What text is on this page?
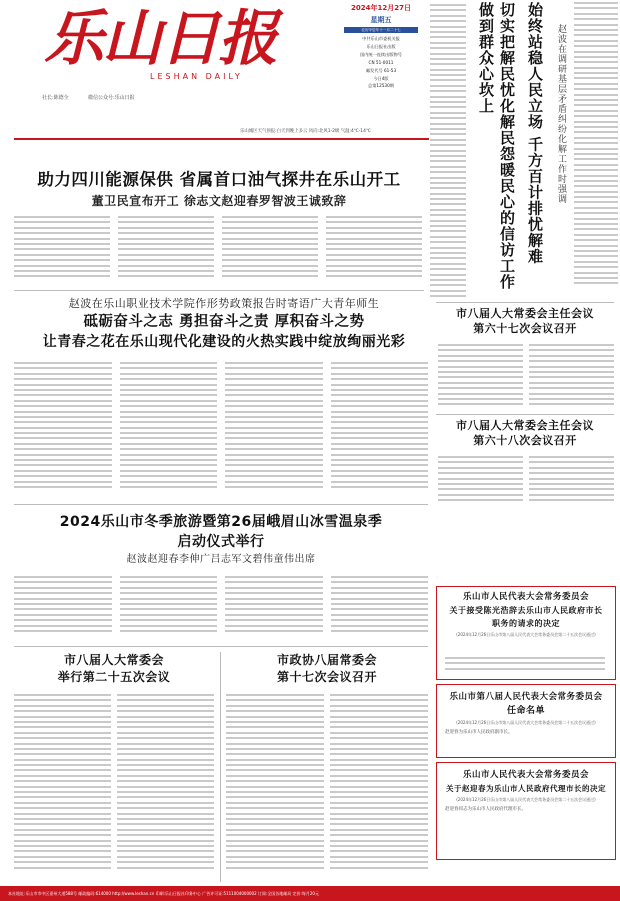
乐山日报
LESHAN DAILY
社长:陈德全	微信公众号:乐山日报
2024年12月27日
星期五
农历甲辰年十一月二十七
中共乐山市委机关报
乐山日报社出版
国内统一连续出版物号
CN 51-0011
邮发代号 61-53
今日4版
总第12530期
乐山城区天气预报:白天到晚上多云 风向:北风1-2级 气温:4℃-14℃	切实把解民忧化解民怨暖民心的信访工作做到群众心坎上	始终站稳人民立场 千方百计排忧解难 赵波在调研基层矛盾纠纷化解工作时强调
助力四川能源保供 省属首口油气探井在乐山开工
董卫民宣布开工 徐志文赵迎春罗智波王诚致辞
赵波在乐山职业技术学院作形势政策报告时寄语广大青年师生
砥砺奋斗之志 勇担奋斗之责 厚积奋斗之势
让青春之花在乐山现代化建设的火热实践中绽放绚丽光彩
市八届人大常委会主任会议
第六十七次会议召开
市八届人大常委会主任会议
第六十八次会议召开
2024乐山市冬季旅游暨第26届峨眉山冰雪温泉季
启动仪式举行
赵波赵迎春李伸广吕志军文碧伟童伟出席
市八届人大常委会
举行第二十五次会议
市政协八届常委会
第十七次会议召开
乐山市人民代表大会常务委员会
关于接受陈光浩辞去乐山市人民政府市长
职务的请求的决定
(2024年12月26日乐山市第八届人民代表大会常务委员会第二十五次会议通过)
乐山市第八届人民代表大会常务委员会
任命名单
(2024年12月26日乐山市第八届人民代表大会常务委员会第二十五次会议通过)
赵迎春为乐山市人民政府副市长。
乐山市人民代表大会常务委员会
关于赵迎春为乐山市人民政府代理市长的决定
(2024年12月26日乐山市第八届人民代表大会常务委员会第二十五次会议通过)
赵迎春同志为乐山市人民政府代理市长。
本社地址:乐山市市中区嘉州大道588号 邮政编码:614000 http://www.leshan.cn 印刷:乐山日报社印务中心 广告许可证:5111004000002 订阅:全国各地邮局 定价:每月20元
